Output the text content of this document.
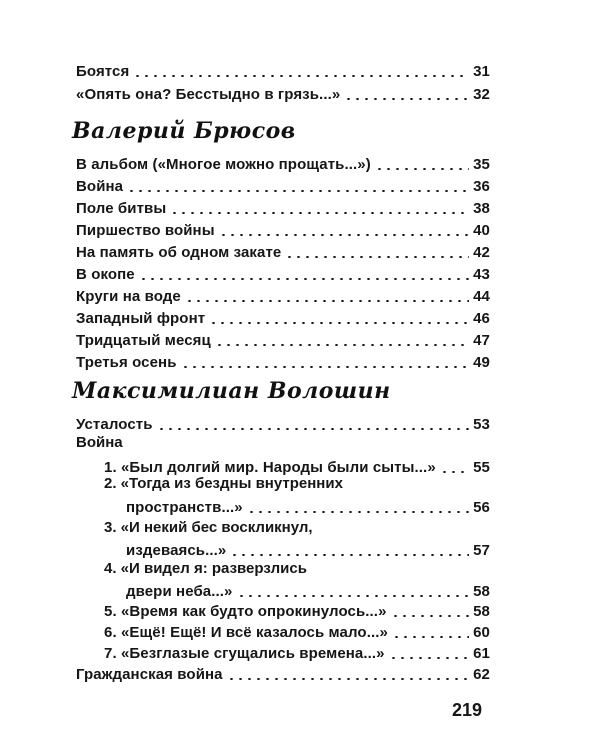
Боятся	31
«Опять она? Бесстыдно в грязь...»	32
Валерий Брюсов
В альбом («Многое можно прощать...»)	35
Война	36
Поле битвы	38
Пиршество войны	40
На память об одном закате	42
В окопе	43
Круги на воде	44
Западный фронт	46
Тридцатый месяц	47
Третья осень	49
Максимилиан Волошин
Усталость	53
Война
1. «Был долгий мир. Народы были сыты...» 55
2. «Тогда из бездны внутренних
пространств...»	56
3. «И некий бес воскликнул,
издеваясь...»	57
4. «И видел я: разверзлись
двери неба...»	58
5. «Время как будто опрокинулось...»	58
6. «Ещё! Ещё! И всё казалось мало...»	60
7. «Безглазые сгущались времена...»	61
Гражданская война	62
219
